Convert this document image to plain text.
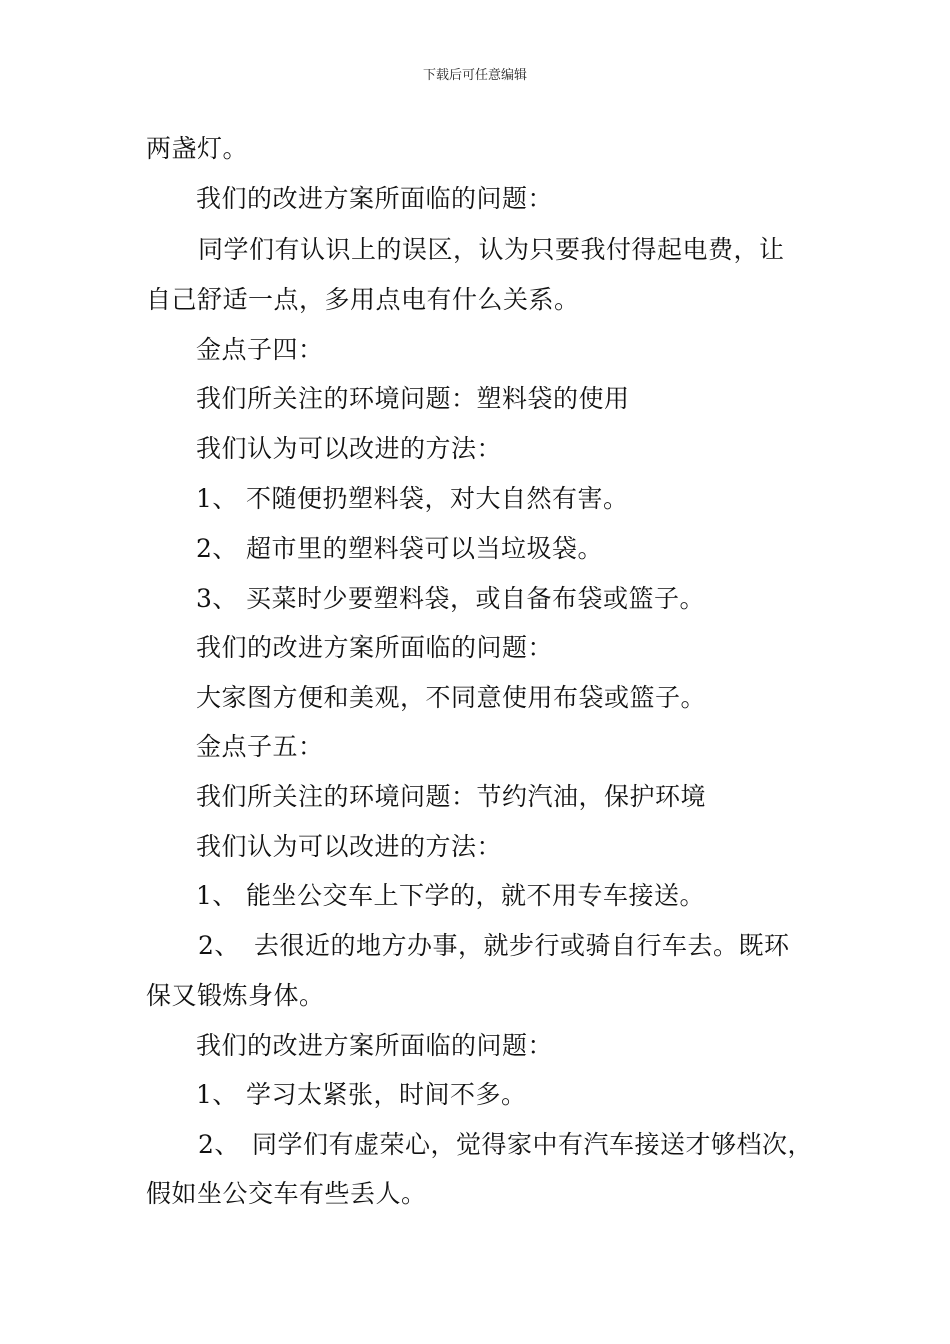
下载后可任意编辑
两盏灯。
我们的改进方案所面临的问题：
同学们有认识上的误区，认为只要我付得起电费，让
自己舒适一点，多用点电有什么关系。
金点子四：
我们所关注的环境问题：塑料袋的使用
我们认为可以改进的方法：
1、 不随便扔塑料袋，对大自然有害。
2、 超市里的塑料袋可以当垃圾袋。
3、 买菜时少要塑料袋，或自备布袋或篮子。
我们的改进方案所面临的问题：
大家图方便和美观，不同意使用布袋或篮子。
金点子五：
我们所关注的环境问题：节约汽油，保护环境
我们认为可以改进的方法：
1、 能坐公交车上下学的，就不用专车接送。
2、 去很近的地方办事，就步行或骑自行车去。既环
保又锻炼身体。
我们的改进方案所面临的问题：
1、 学习太紧张，时间不多。
2、 同学们有虚荣心，觉得家中有汽车接送才够档次，
假如坐公交车有些丢人。
